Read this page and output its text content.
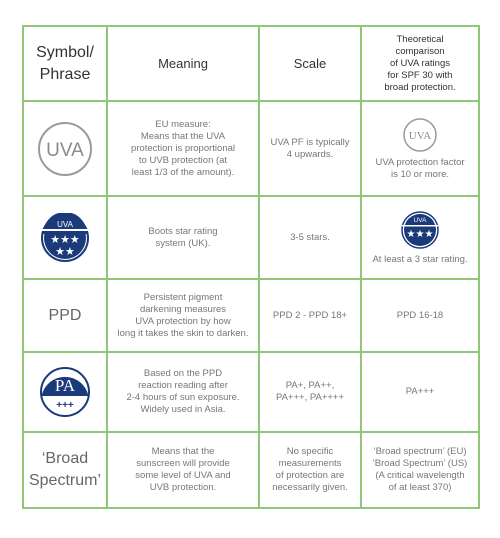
Symbol/
Phrase
Meaning	Scale
Theoretical
comparison
of UVA ratings
for SPF 30 with
broad protection.
UVA
EU measure:
Means that the UVA
protection is proportional
to UVB protection (at
least 1/3 of the amount).
UVA PF is typically
4 upwards.
UVA
UVA protection factor
is 10 or more.
UVA
★★★
★★
Boots star rating
system (UK).
3-5 stars.
UVA
★★★
At least a 3 star rating.
PPD
Persistent pigment
darkening measures
UVA protection by how
long it takes the skin to darken.
PPD 2 - PPD 18+	PPD 16-18
PA
+++
Based on the PPD
reaction reading after
2-4 hours of sun exposure.
Widely used in Asia.
PA+, PA++,
PA+++, PA++++
PA+++
‘Broad
Spectrum’
Means that the
sunscreen will provide
some level of UVA and
UVB protection.
No specific
measurements
of protection are
necessarily given.
‘Broad spectrum’ (EU)
‘Broad Spectrum’ (US)
(A critical wavelength
of at least 370)
